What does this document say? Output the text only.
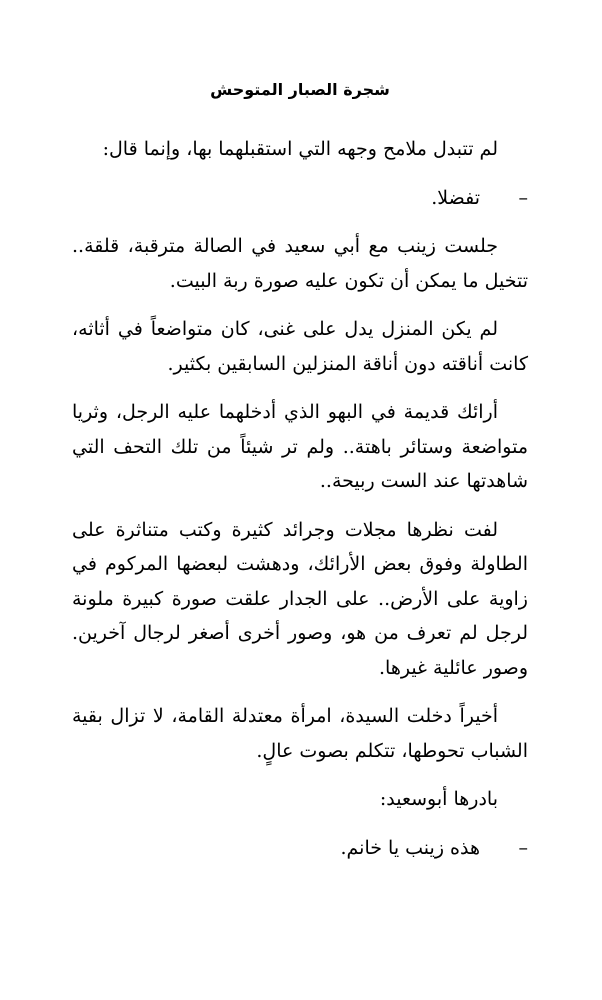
شجرة الصبار المتوحش

لم تتبدل ملامح وجهه التي استقبلهما بها، وإنما قال:

–
تفضلا.

جلست زينب مع أبي سعيد في الصالة مترقبة، قلقة.. تتخيل ما يمكن أن تكون عليه صورة ربة البيت.

لم يكن المنزل يدل على غنى، كان متواضعاً في أثاثه، كانت أناقته دون أناقة المنزلين السابقين بكثير.

أرائك قديمة في البهو الذي أدخلهما عليه الرجل، وثريا متواضعة وستائر باهتة.. ولم تر شيئاً من تلك التحف التي شاهدتها عند الست ربيحة..

لفت نظرها مجلات وجرائد كثيرة وكتب متناثرة على الطاولة وفوق بعض الأرائك، ودهشت لبعضها المركوم في زاوية على الأرض.. على الجدار علقت صورة كبيرة ملونة لرجل لم تعرف من هو، وصور أخرى أصغر لرجال آخرين. وصور عائلية غيرها.

أخيراً دخلت السيدة، امرأة معتدلة القامة، لا تزال بقية الشباب تحوطها، تتكلم بصوت عالٍ.

بادرها أبوسعيد:

–
هذه زينب يا خانم.
